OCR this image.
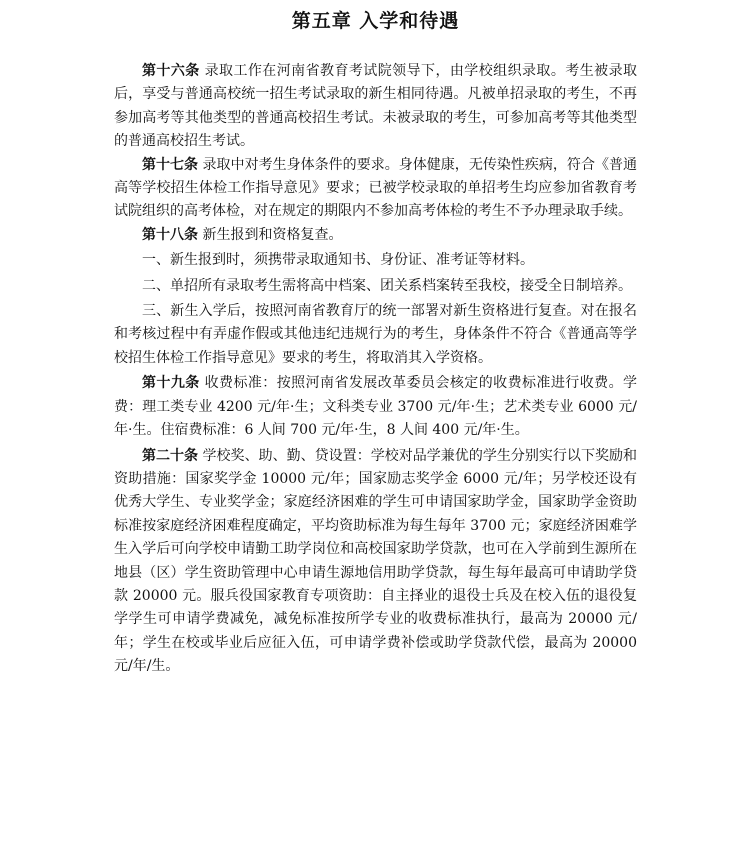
第五章 入学和待遇

第十六条 录取工作在河南省教育考试院领导下，由学校组织录取。考生被录取后，享受与普通高校统一招生考试录取的新生相同待遇。凡被单招录取的考生，不再参加高考等其他类型的普通高校招生考试。未被录取的考生，可参加高考等其他类型的普通高校招生考试。

第十七条 录取中对考生身体条件的要求。身体健康，无传染性疾病，符合《普通高等学校招生体检工作指导意见》要求；已被学校录取的单招考生均应参加省教育考试院组织的高考体检，对在规定的期限内不参加高考体检的考生不予办理录取手续。

第十八条 新生报到和资格复查。

一、新生报到时，须携带录取通知书、身份证、准考证等材料。

二、单招所有录取考生需将高中档案、团关系档案转至我校，接受全日制培养。

三、新生入学后，按照河南省教育厅的统一部署对新生资格进行复查。对在报名和考核过程中有弄虚作假或其他违纪违规行为的考生，身体条件不符合《普通高等学校招生体检工作指导意见》要求的考生，将取消其入学资格。

第十九条 收费标准：按照河南省发展改革委员会核定的收费标准进行收费。学费：理工类专业 4200 元/年·生；文科类专业 3700 元/年·生；艺术类专业 6000 元/年·生。住宿费标准：6 人间 700 元/年·生，8 人间 400 元/年·生。

第二十条 学校奖、助、勤、贷设置：学校对品学兼优的学生分别实行以下奖励和资助措施：国家奖学金 10000 元/年；国家励志奖学金 6000 元/年；另学校还设有优秀大学生、专业奖学金；家庭经济困难的学生可申请国家助学金，国家助学金资助标准按家庭经济困难程度确定，平均资助标准为每生每年 3700 元；家庭经济困难学生入学后可向学校申请勤工助学岗位和高校国家助学贷款，也可在入学前到生源所在地县（区）学生资助管理中心申请生源地信用助学贷款，每生每年最高可申请助学贷款 20000 元。服兵役国家教育专项资助：自主择业的退役士兵及在校入伍的退役复学学生可申请学费减免，减免标准按所学专业的收费标准执行，最高为 20000 元/年；学生在校或毕业后应征入伍，可申请学费补偿或助学贷款代偿，最高为 20000 元/年/生。
